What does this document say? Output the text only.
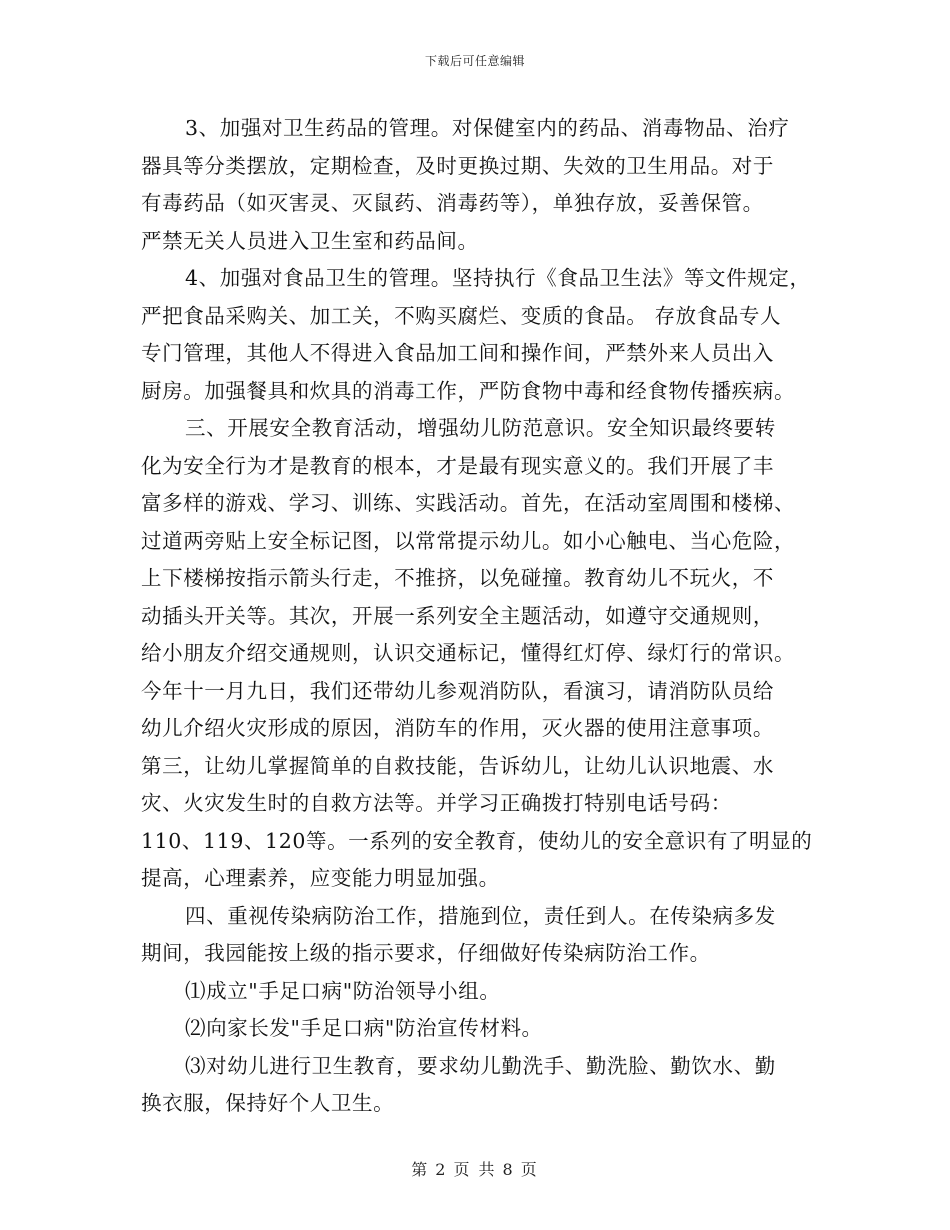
下载后可任意编辑
3、加强对卫生药品的管理。对保健室内的药品、消毒物品、治疗
器具等分类摆放，定期检查，及时更换过期、失效的卫生用品。对于
有毒药品（如灭害灵、灭鼠药、消毒药等），单独存放，妥善保管。
严禁无关人员进入卫生室和药品间。
4、加强对食品卫生的管理。坚持执行《食品卫生法》等文件规定，
严把食品采购关、加工关，不购买腐烂、变质的食品。 存放食品专人
专门管理，其他人不得进入食品加工间和操作间，严禁外来人员出入
厨房。加强餐具和炊具的消毒工作，严防食物中毒和经食物传播疾病。
三、开展安全教育活动，增强幼儿防范意识。安全知识最终要转
化为安全行为才是教育的根本，才是最有现实意义的。我们开展了丰
富多样的游戏、学习、训练、实践活动。首先，在活动室周围和楼梯、
过道两旁贴上安全标记图，以常常提示幼儿。如小心触电、当心危险，
上下楼梯按指示箭头行走，不推挤，以免碰撞。教育幼儿不玩火，不
动插头开关等。其次，开展一系列安全主题活动，如遵守交通规则，
给小朋友介绍交通规则，认识交通标记，懂得红灯停、绿灯行的常识。
今年十一月九日，我们还带幼儿参观消防队，看演习，请消防队员给
幼儿介绍火灾形成的原因，消防车的作用，灭火器的使用注意事项。
第三，让幼儿掌握简单的自救技能，告诉幼儿，让幼儿认识地震、水
灾、火灾发生时的自救方法等。并学习正确拨打特别电话号码：
110、119、120等。一系列的安全教育，使幼儿的安全意识有了明显的
提高，心理素养，应变能力明显加强。
四、重视传染病防治工作，措施到位，责任到人。在传染病多发
期间，我园能按上级的指示要求，仔细做好传染病防治工作。
⑴成立"手足口病"防治领导小组。
⑵向家长发"手足口病"防治宣传材料。
⑶对幼儿进行卫生教育，要求幼儿勤洗手、勤洗脸、勤饮水、勤
换衣服，保持好个人卫生。
第 2 页 共 8 页
